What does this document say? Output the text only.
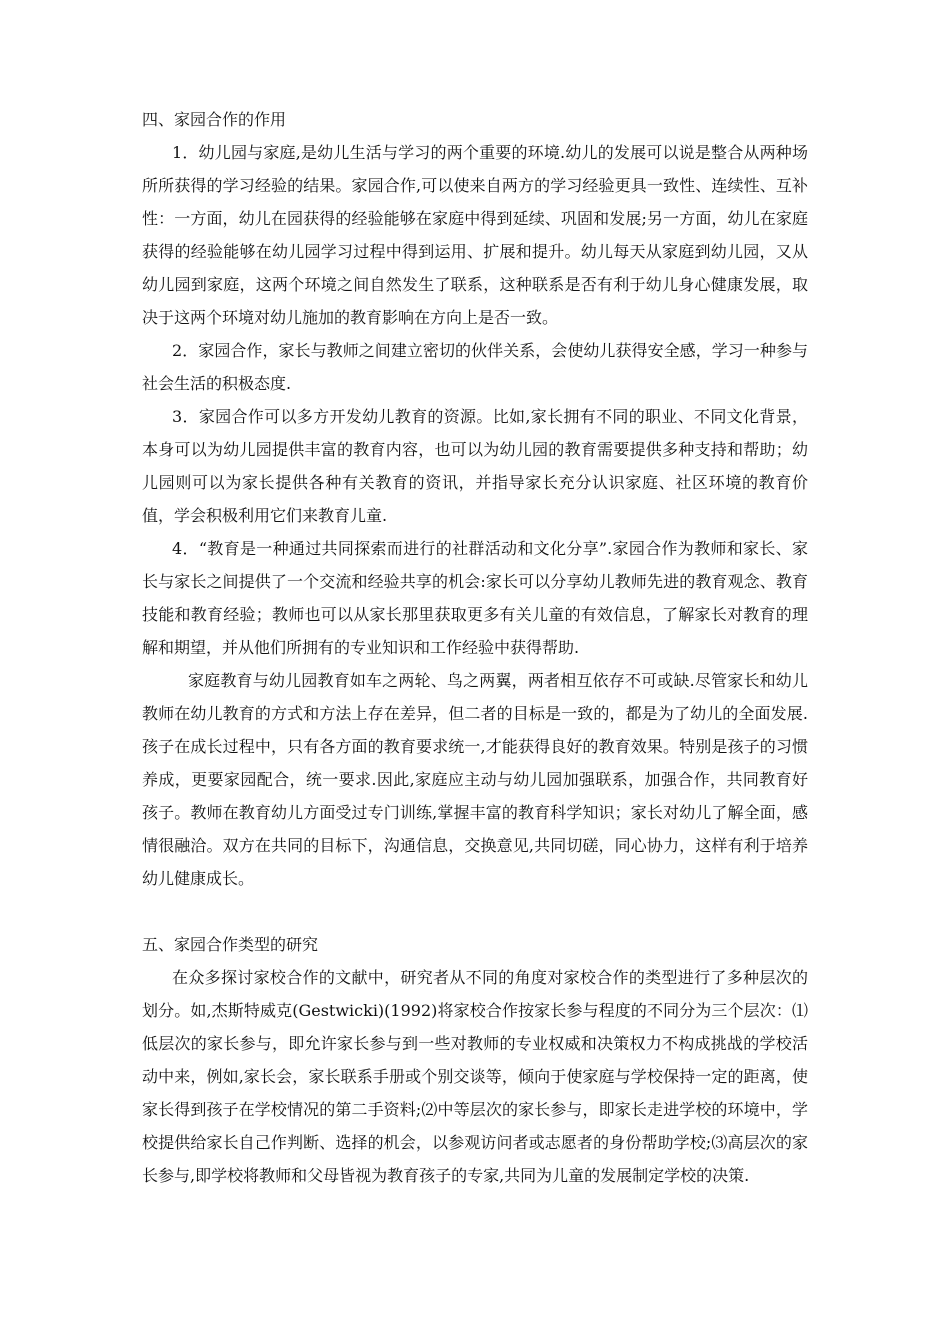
四、家园合作的作用

1．幼儿园与家庭,是幼儿生活与学习的两个重要的环境.幼儿的发展可以说是整合从两种场所所获得的学习经验的结果。家园合作,可以使来自两方的学习经验更具一致性、连续性、互补性：一方面，幼儿在园获得的经验能够在家庭中得到延续、巩固和发展;另一方面，幼儿在家庭获得的经验能够在幼儿园学习过程中得到运用、扩展和提升。幼儿每天从家庭到幼儿园，又从幼儿园到家庭，这两个环境之间自然发生了联系，这种联系是否有利于幼儿身心健康发展，取决于这两个环境对幼儿施加的教育影响在方向上是否一致。

2．家园合作，家长与教师之间建立密切的伙伴关系，会使幼儿获得安全感，学习一种参与社会生活的积极态度.

3．家园合作可以多方开发幼儿教育的资源。比如,家长拥有不同的职业、不同文化背景，本身可以为幼儿园提供丰富的教育内容，也可以为幼儿园的教育需要提供多种支持和帮助；幼儿园则可以为家长提供各种有关教育的资讯，并指导家长充分认识家庭、社区环境的教育价值，学会积极利用它们来教育儿童.

4．“教育是一种通过共同探索而进行的社群活动和文化分享”.家园合作为教师和家长、家长与家长之间提供了一个交流和经验共享的机会:家长可以分享幼儿教师先进的教育观念、教育技能和教育经验；教师也可以从家长那里获取更多有关儿童的有效信息，了解家长对教育的理解和期望，并从他们所拥有的专业知识和工作经验中获得帮助.

家庭教育与幼儿园教育如车之两轮、鸟之两翼，两者相互依存不可或缺.尽管家长和幼儿教师在幼儿教育的方式和方法上存在差异，但二者的目标是一致的，都是为了幼儿的全面发展.孩子在成长过程中，只有各方面的教育要求统一,才能获得良好的教育效果。特别是孩子的习惯养成，更要家园配合，统一要求.因此,家庭应主动与幼儿园加强联系，加强合作，共同教育好孩子。教师在教育幼儿方面受过专门训练,掌握丰富的教育科学知识；家长对幼儿了解全面，感情很融洽。双方在共同的目标下，沟通信息，交换意见,共同切磋，同心协力，这样有利于培养幼儿健康成长。

五、家园合作类型的研究

在众多探讨家校合作的文献中，研究者从不同的角度对家校合作的类型进行了多种层次的划分。如,杰斯特威克(Gestwicki)(1992)将家校合作按家长参与程度的不同分为三个层次：⑴低层次的家长参与，即允许家长参与到一些对教师的专业权威和决策权力不构成挑战的学校活动中来，例如,家长会，家长联系手册或个别交谈等，倾向于使家庭与学校保持一定的距离，使家长得到孩子在学校情况的第二手资料;⑵中等层次的家长参与，即家长走进学校的环境中，学校提供给家长自己作判断、选择的机会，以参观访问者或志愿者的身份帮助学校;⑶高层次的家长参与,即学校将教师和父母皆视为教育孩子的专家,共同为儿童的发展制定学校的决策.
